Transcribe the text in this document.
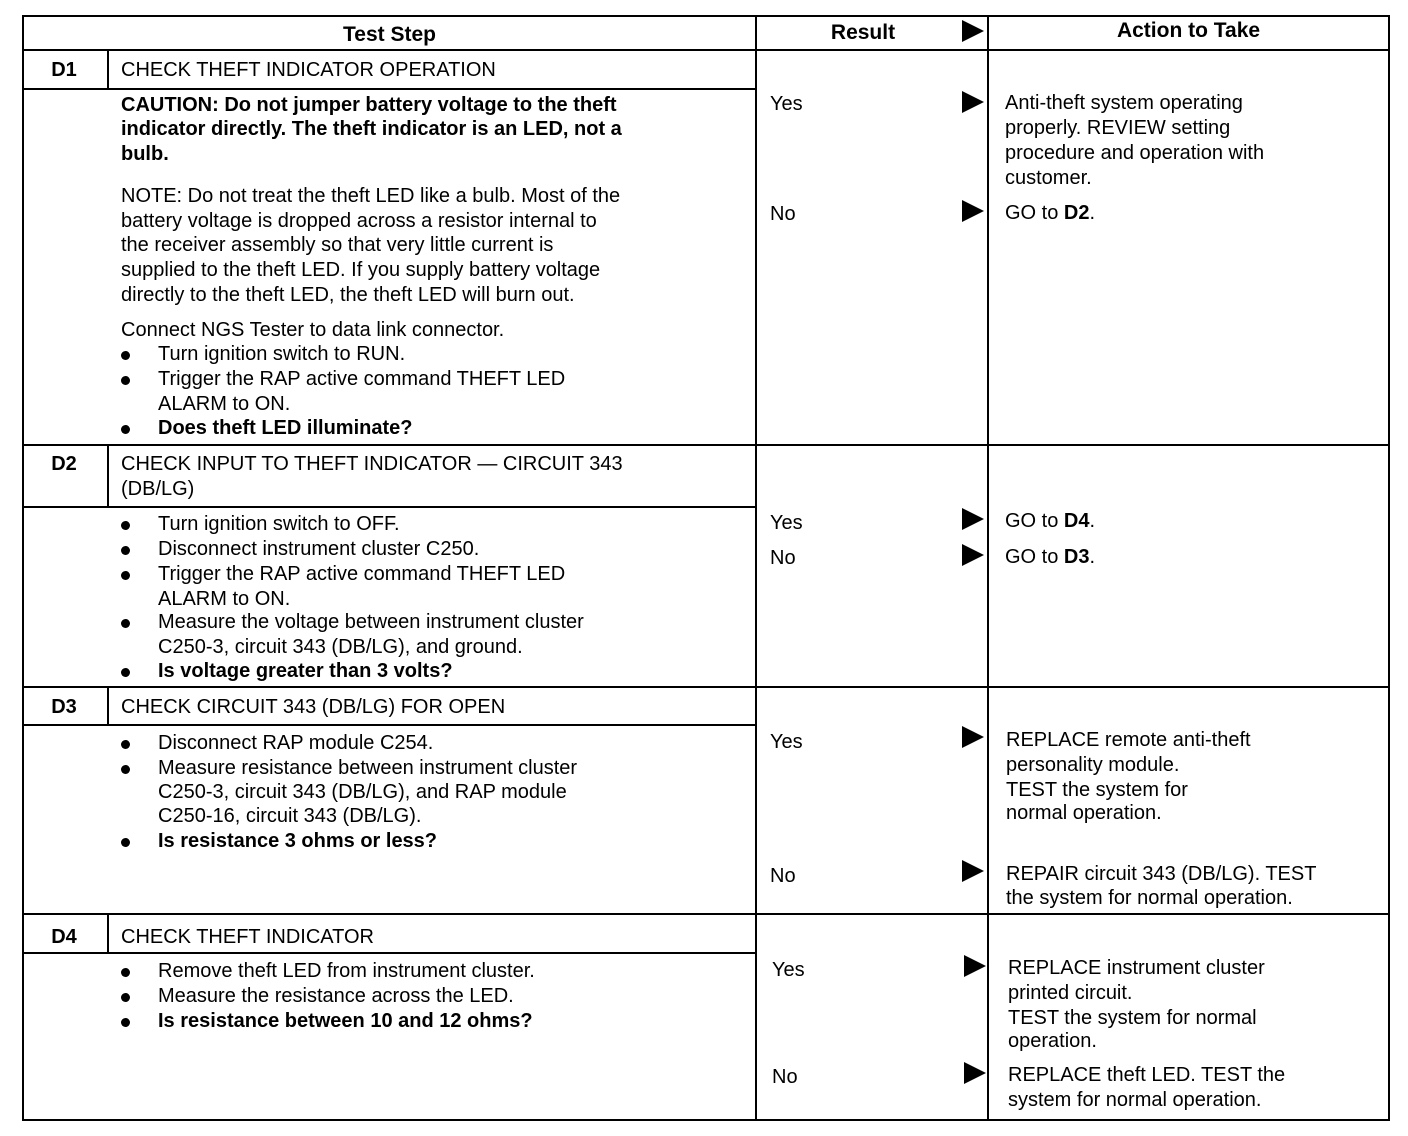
Test Step	Result	Action to Take
D1	CHECK THEFT INDICATOR OPERATION
CAUTION: Do not jumper battery voltage to the theft
indicator directly. The theft indicator is an LED, not a
bulb.
NOTE: Do not treat the theft LED like a bulb. Most of the
battery voltage is dropped across a resistor internal to
the receiver assembly so that very little current is
supplied to the theft LED. If you supply battery voltage
directly to the theft LED, the theft LED will burn out.
Connect NGS Tester to data link connector.
Turn ignition switch to RUN.
Trigger the RAP active command THEFT LED
ALARM to ON.
Does theft LED illuminate?
Yes	Anti-theft system operating
properly. REVIEW setting
procedure and operation with
customer.
No	GO to D2.
D2	CHECK INPUT TO THEFT INDICATOR — CIRCUIT 343
(DB/LG)
Turn ignition switch to OFF.
Disconnect instrument cluster C250.
Trigger the RAP active command THEFT LED
ALARM to ON.
Measure the voltage between instrument cluster
C250-3, circuit 343 (DB/LG), and ground.
Is voltage greater than 3 volts?
Yes	GO to D4.
No	GO to D3.
D3	CHECK CIRCUIT 343 (DB/LG) FOR OPEN
Disconnect RAP module C254.
Measure resistance between instrument cluster
C250-3, circuit 343 (DB/LG), and RAP module
C250-16, circuit 343 (DB/LG).
Is resistance 3 ohms or less?
Yes	REPLACE remote anti-theft
personality module.
TEST the system for
normal operation.
No	REPAIR circuit 343 (DB/LG). TEST
the system for normal operation.
D4	CHECK THEFT INDICATOR
Remove theft LED from instrument cluster.
Measure the resistance across the LED.
Is resistance between 10 and 12 ohms?
Yes	REPLACE instrument cluster
printed circuit.
TEST the system for normal
operation.
No	REPLACE theft LED. TEST the
system for normal operation.
